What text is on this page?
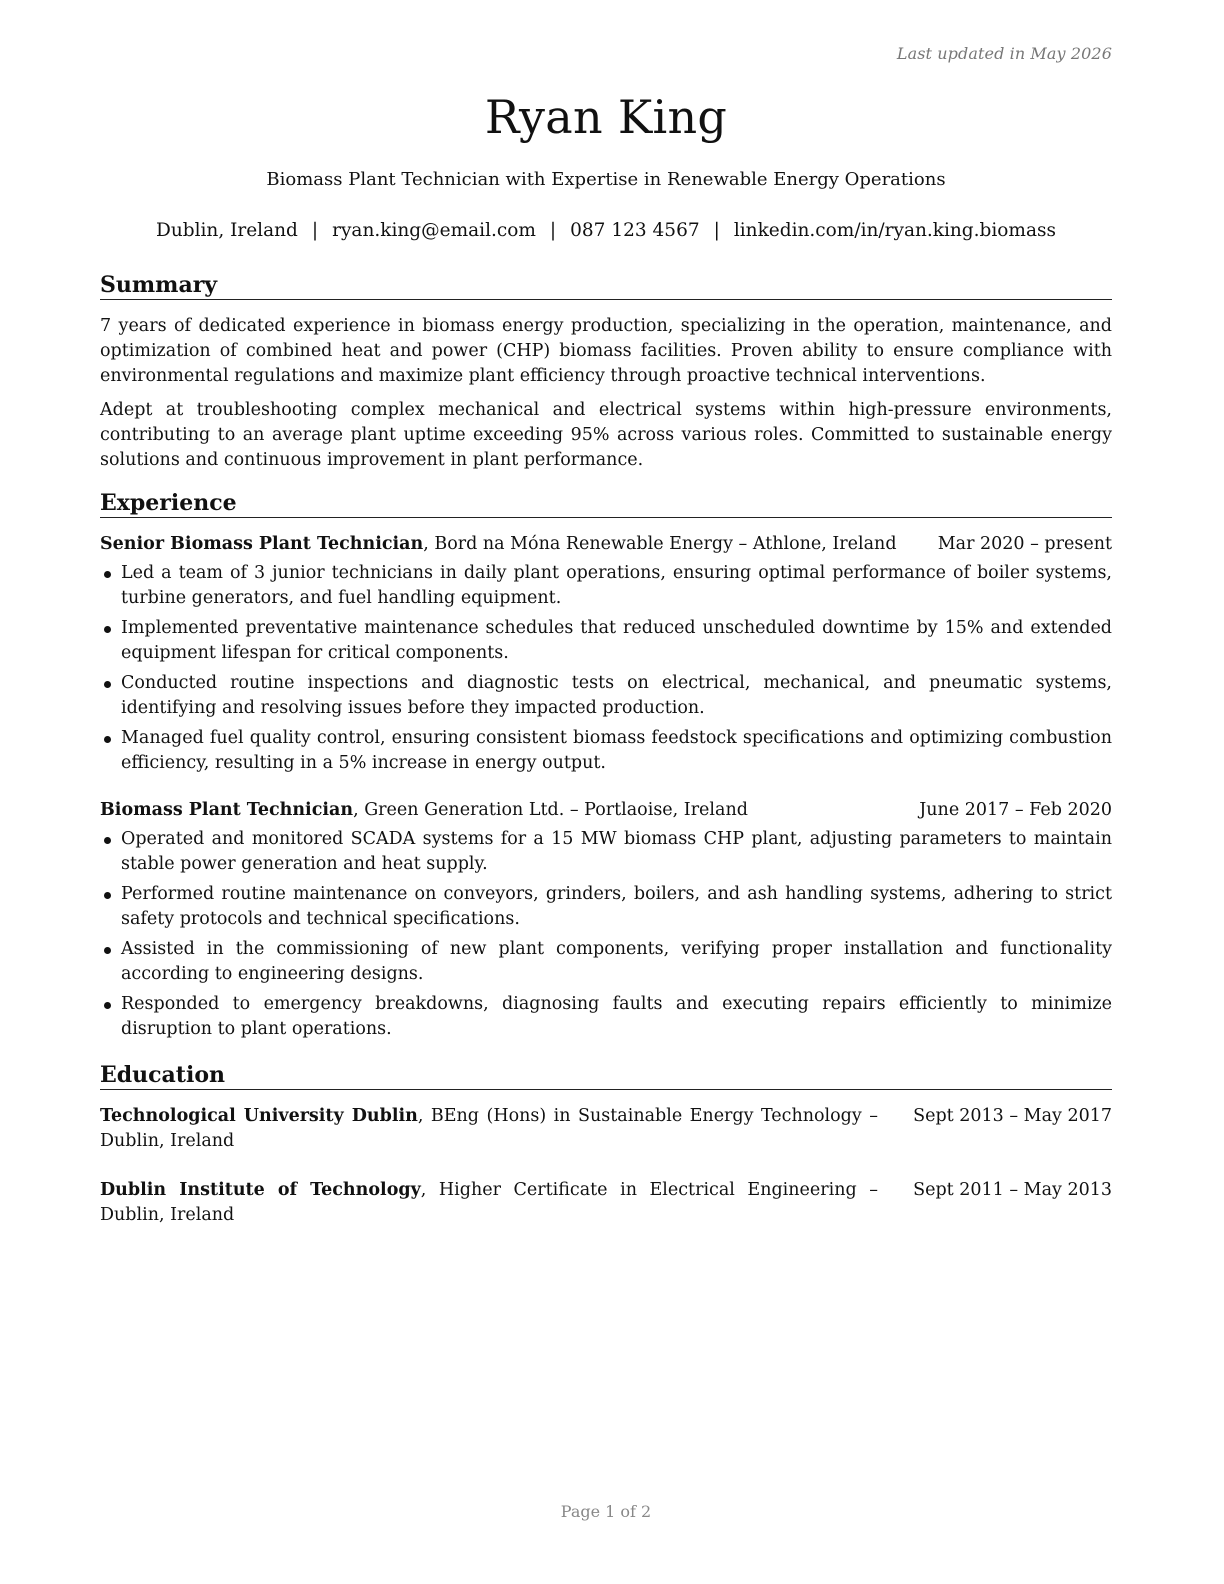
Last updated in May 2026
Ryan King
Biomass Plant Technician with Expertise in Renewable Energy Operations
Dublin, Ireland | ryan.king@email.com | 087 123 4567 | linkedin.com/in/ryan.king.biomass
Summary

7 years of dedicated experience in biomass energy production, specializing in the operation, maintenance, and optimization of combined heat and power (CHP) biomass facilities. Proven ability to ensure compliance with environmental regulations and maximize plant efficiency through proactive technical interventions.

Adept at troubleshooting complex mechanical and electrical systems within high-pressure environments, contributing to an average plant uptime exceeding 95% across various roles. Committed to sustainable energy solutions and continuous improvement in plant performance.

Experience
Senior Biomass Plant Technician, Bord na Móna Renewable Energy – Athlone, Ireland Mar 2020 – present
Led a team of 3 junior technicians in daily plant operations, ensuring optimal performance of boiler systems, turbine generators, and fuel handling equipment.
Implemented preventative maintenance schedules that reduced unscheduled downtime by 15% and extended equipment lifespan for critical components.
Conducted routine inspections and diagnostic tests on electrical, mechanical, and pneumatic systems, identifying and resolving issues before they impacted production.
Managed fuel quality control, ensuring consistent biomass feedstock specifications and optimizing combustion efficiency, resulting in a 5% increase in energy output.
Biomass Plant Technician, Green Generation Ltd. – Portlaoise, Ireland	June 2017 – Feb 2020
Operated and monitored SCADA systems for a 15 MW biomass CHP plant, adjusting parameters to maintain stable power generation and heat supply.
Performed routine maintenance on conveyors, grinders, boilers, and ash handling systems, adhering to strict safety protocols and technical specifications.
Assisted in the commissioning of new plant components, verifying proper installation and functionality according to engineering designs.
Responded to emergency breakdowns, diagnosing faults and executing repairs efficiently to minimize disruption to plant operations.
Education
Technological University Dublin, BEng (Hons) in Sustainable Energy Technology – Dublin, Ireland
Sept 2013 – May 2017
Dublin Institute of Technology, Higher Certificate in Electrical Engineering – Dublin, Ireland
Sept 2011 – May 2013
Page 1 of 2
